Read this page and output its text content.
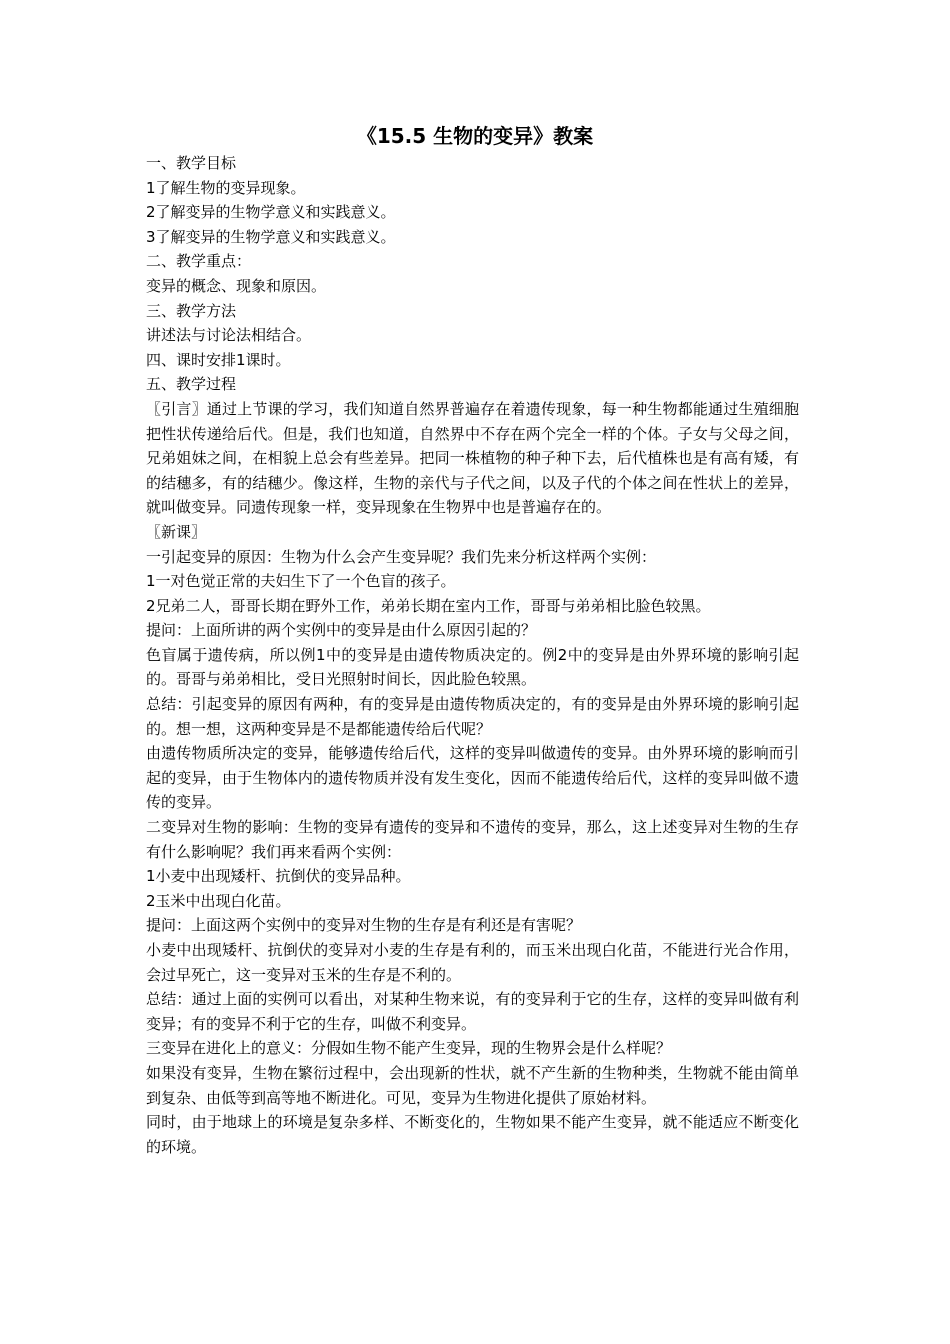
《15.5 生物的变异》教案

一、教学目标

1了解生物的变异现象。

2了解变异的生物学意义和实践意义。

3了解变异的生物学意义和实践意义。

二、教学重点：

变异的概念、现象和原因。

三、教学方法

讲述法与讨论法相结合。

四、课时安排1课时。

五、教学过程

〖引言〗通过上节课的学习，我们知道自然界普遍存在着遗传现象，每一种生物都能通过生殖细胞把性状传递给后代。但是，我们也知道，自然界中不存在两个完全一样的个体。子女与父母之间，兄弟姐妹之间，在相貌上总会有些差异。把同一株植物的种子种下去，后代植株也是有高有矮，有的结穗多，有的结穗少。像这样，生物的亲代与子代之间，以及子代的个体之间在性状上的差异，就叫做变异。同遗传现象一样，变异现象在生物界中也是普遍存在的。

〖新课〗

一引起变异的原因：生物为什么会产生变异呢？我们先来分析这样两个实例：

1一对色觉正常的夫妇生下了一个色盲的孩子。

2兄弟二人，哥哥长期在野外工作，弟弟长期在室内工作，哥哥与弟弟相比脸色较黑。

提问：上面所讲的两个实例中的变异是由什么原因引起的？

色盲属于遗传病，所以例1中的变异是由遗传物质决定的。例2中的变异是由外界环境的影响引起的。哥哥与弟弟相比，受日光照射时间长，因此脸色较黑。

总结：引起变异的原因有两种，有的变异是由遗传物质决定的，有的变异是由外界环境的影响引起的。想一想，这两种变异是不是都能遗传给后代呢？

由遗传物质所决定的变异，能够遗传给后代，这样的变异叫做遗传的变异。由外界环境的影响而引起的变异，由于生物体内的遗传物质并没有发生变化，因而不能遗传给后代，这样的变异叫做不遗传的变异。

二变异对生物的影响：生物的变异有遗传的变异和不遗传的变异，那么，这上述变异对生物的生存有什么影响呢？我们再来看两个实例：

1小麦中出现矮杆、抗倒伏的变异品种。

2玉米中出现白化苗。

提问：上面这两个实例中的变异对生物的生存是有利还是有害呢？

小麦中出现矮杆、抗倒伏的变异对小麦的生存是有利的，而玉米出现白化苗，不能进行光合作用，会过早死亡，这一变异对玉米的生存是不利的。

总结：通过上面的实例可以看出，对某种生物来说，有的变异利于它的生存，这样的变异叫做有利变异；有的变异不利于它的生存，叫做不利变异。

三变异在进化上的意义：分假如生物不能产生变异，现的生物界会是什么样呢？

如果没有变异，生物在繁衍过程中，会出现新的性状，就不产生新的生物种类，生物就不能由简单到复杂、由低等到高等地不断进化。可见，变异为生物进化提供了原始材料。

同时，由于地球上的环境是复杂多样、不断变化的，生物如果不能产生变异，就不能适应不断变化的环境。
